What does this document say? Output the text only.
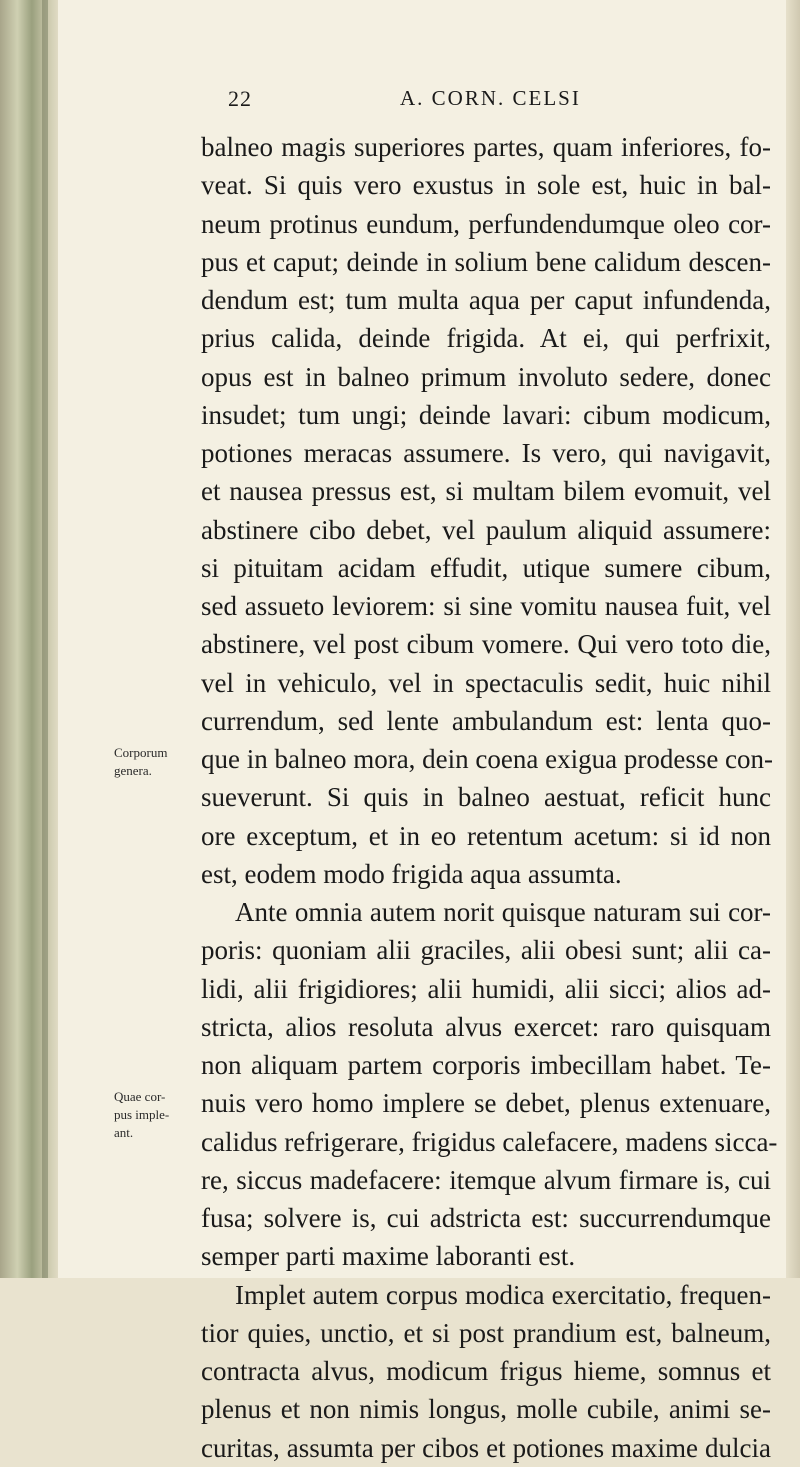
22	A. CORN. CELSI
Corporum
genera.
Quae cor-
pus imple-
ant.
balneo magis superiores partes, quam inferiores, fo-
veat. Si quis vero exustus in sole est, huic in bal-
neum protinus eundum, perfundendumque oleo cor-
pus et caput; deinde in solium bene calidum descen-
dendum est; tum multa aqua per caput infundenda,
prius calida, deinde frigida. At ei, qui perfrixit,
opus est in balneo primum involuto sedere, donec
insudet; tum ungi; deinde lavari: cibum modicum,
potiones meracas assumere. Is vero, qui navigavit,
et nausea pressus est, si multam bilem evomuit, vel
abstinere cibo debet, vel paulum aliquid assumere:
si pituitam acidam effudit, utique sumere cibum,
sed assueto leviorem: si sine vomitu nausea fuit, vel
abstinere, vel post cibum vomere. Qui vero toto die,
vel in vehiculo, vel in spectaculis sedit, huic nihil
currendum, sed lente ambulandum est: lenta quo-
que in balneo mora, dein coena exigua prodesse con-
sueverunt. Si quis in balneo aestuat, reficit hunc
ore exceptum, et in eo retentum acetum: si id non
est, eodem modo frigida aqua assumta.
Ante omnia autem norit quisque naturam sui cor-
poris: quoniam alii graciles, alii obesi sunt; alii ca-
lidi, alii frigidiores; alii humidi, alii sicci; alios ad-
stricta, alios resoluta alvus exercet: raro quisquam
non aliquam partem corporis imbecillam habet. Te-
nuis vero homo implere se debet, plenus extenuare,
calidus refrigerare, frigidus calefacere, madens sicca-
re, siccus madefacere: itemque alvum firmare is, cui
fusa; solvere is, cui adstricta est: succurrendumque
semper parti maxime laboranti est.
Implet autem corpus modica exercitatio, frequen-
tior quies, unctio, et si post prandium est, balneum,
contracta alvus, modicum frigus hieme, somnus et
plenus et non nimis longus, molle cubile, animi se-
curitas, assumta per cibos et potiones maxime dulcia
